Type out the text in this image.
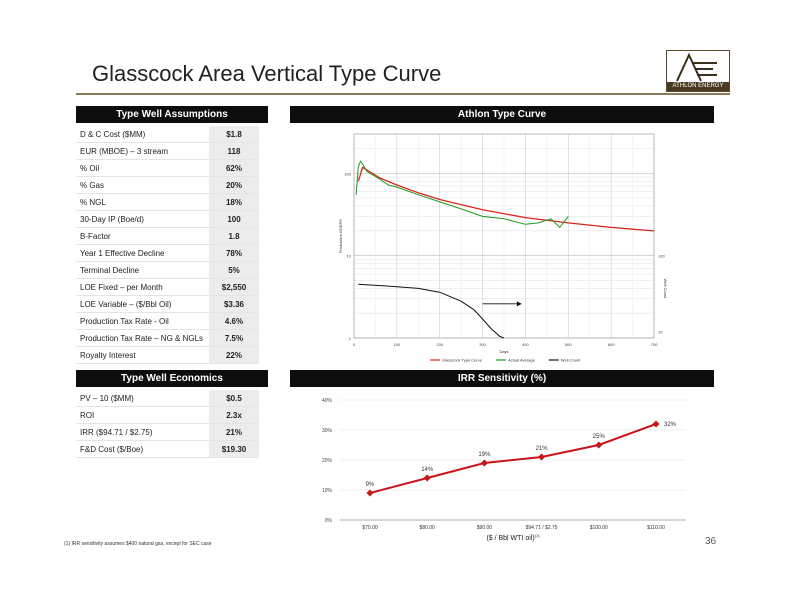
Glasscock Area Vertical Type Curve	ATHLON ENERGY
Type Well Assumptions
D & C Cost ($MM)	$1.8
EUR (MBOE) – 3 stream	118
% Oil	62%
% Gas	20%
% NGL	18%
30-Day IP (Boe/d)	100
B-Factor	1.8
Year 1 Effective Decline	78%
Terminal Decline	5%
LOE Fixed – per Month	$2,550
LOE Variable – ($/Bbl Oil)	$3.36
Production Tax Rate - Oil	4.6%
Production Tax Rate – NG & NGLs	7.5%
Royalty Interest	22%
Type Well Economics
PV – 10 ($MM)	$0.5
ROI	2.3x
IRR ($94.71 / $2.75)	21%
F&D Cost ($/Boe)	$19.30
Athlon Type Curve
0	100	200	300	400	500	600	700
100
10
1
100
10
Days
Production BOEPD
Well Count
Glasscock Type Curve	Actual Average	Well Count
IRR Sensitivity (%)
0%
10%
20%
30%
40%
$70.00	$80.00	$90.00	$94.71 / $2.75	$100.00	$110.00
9%
14%
19%
21%
25%
32%
($ / Bbl WTI oil)$^{(1)}$
(1) IRR sensitivity assumes $400 natural gas, except for SEC case	36
